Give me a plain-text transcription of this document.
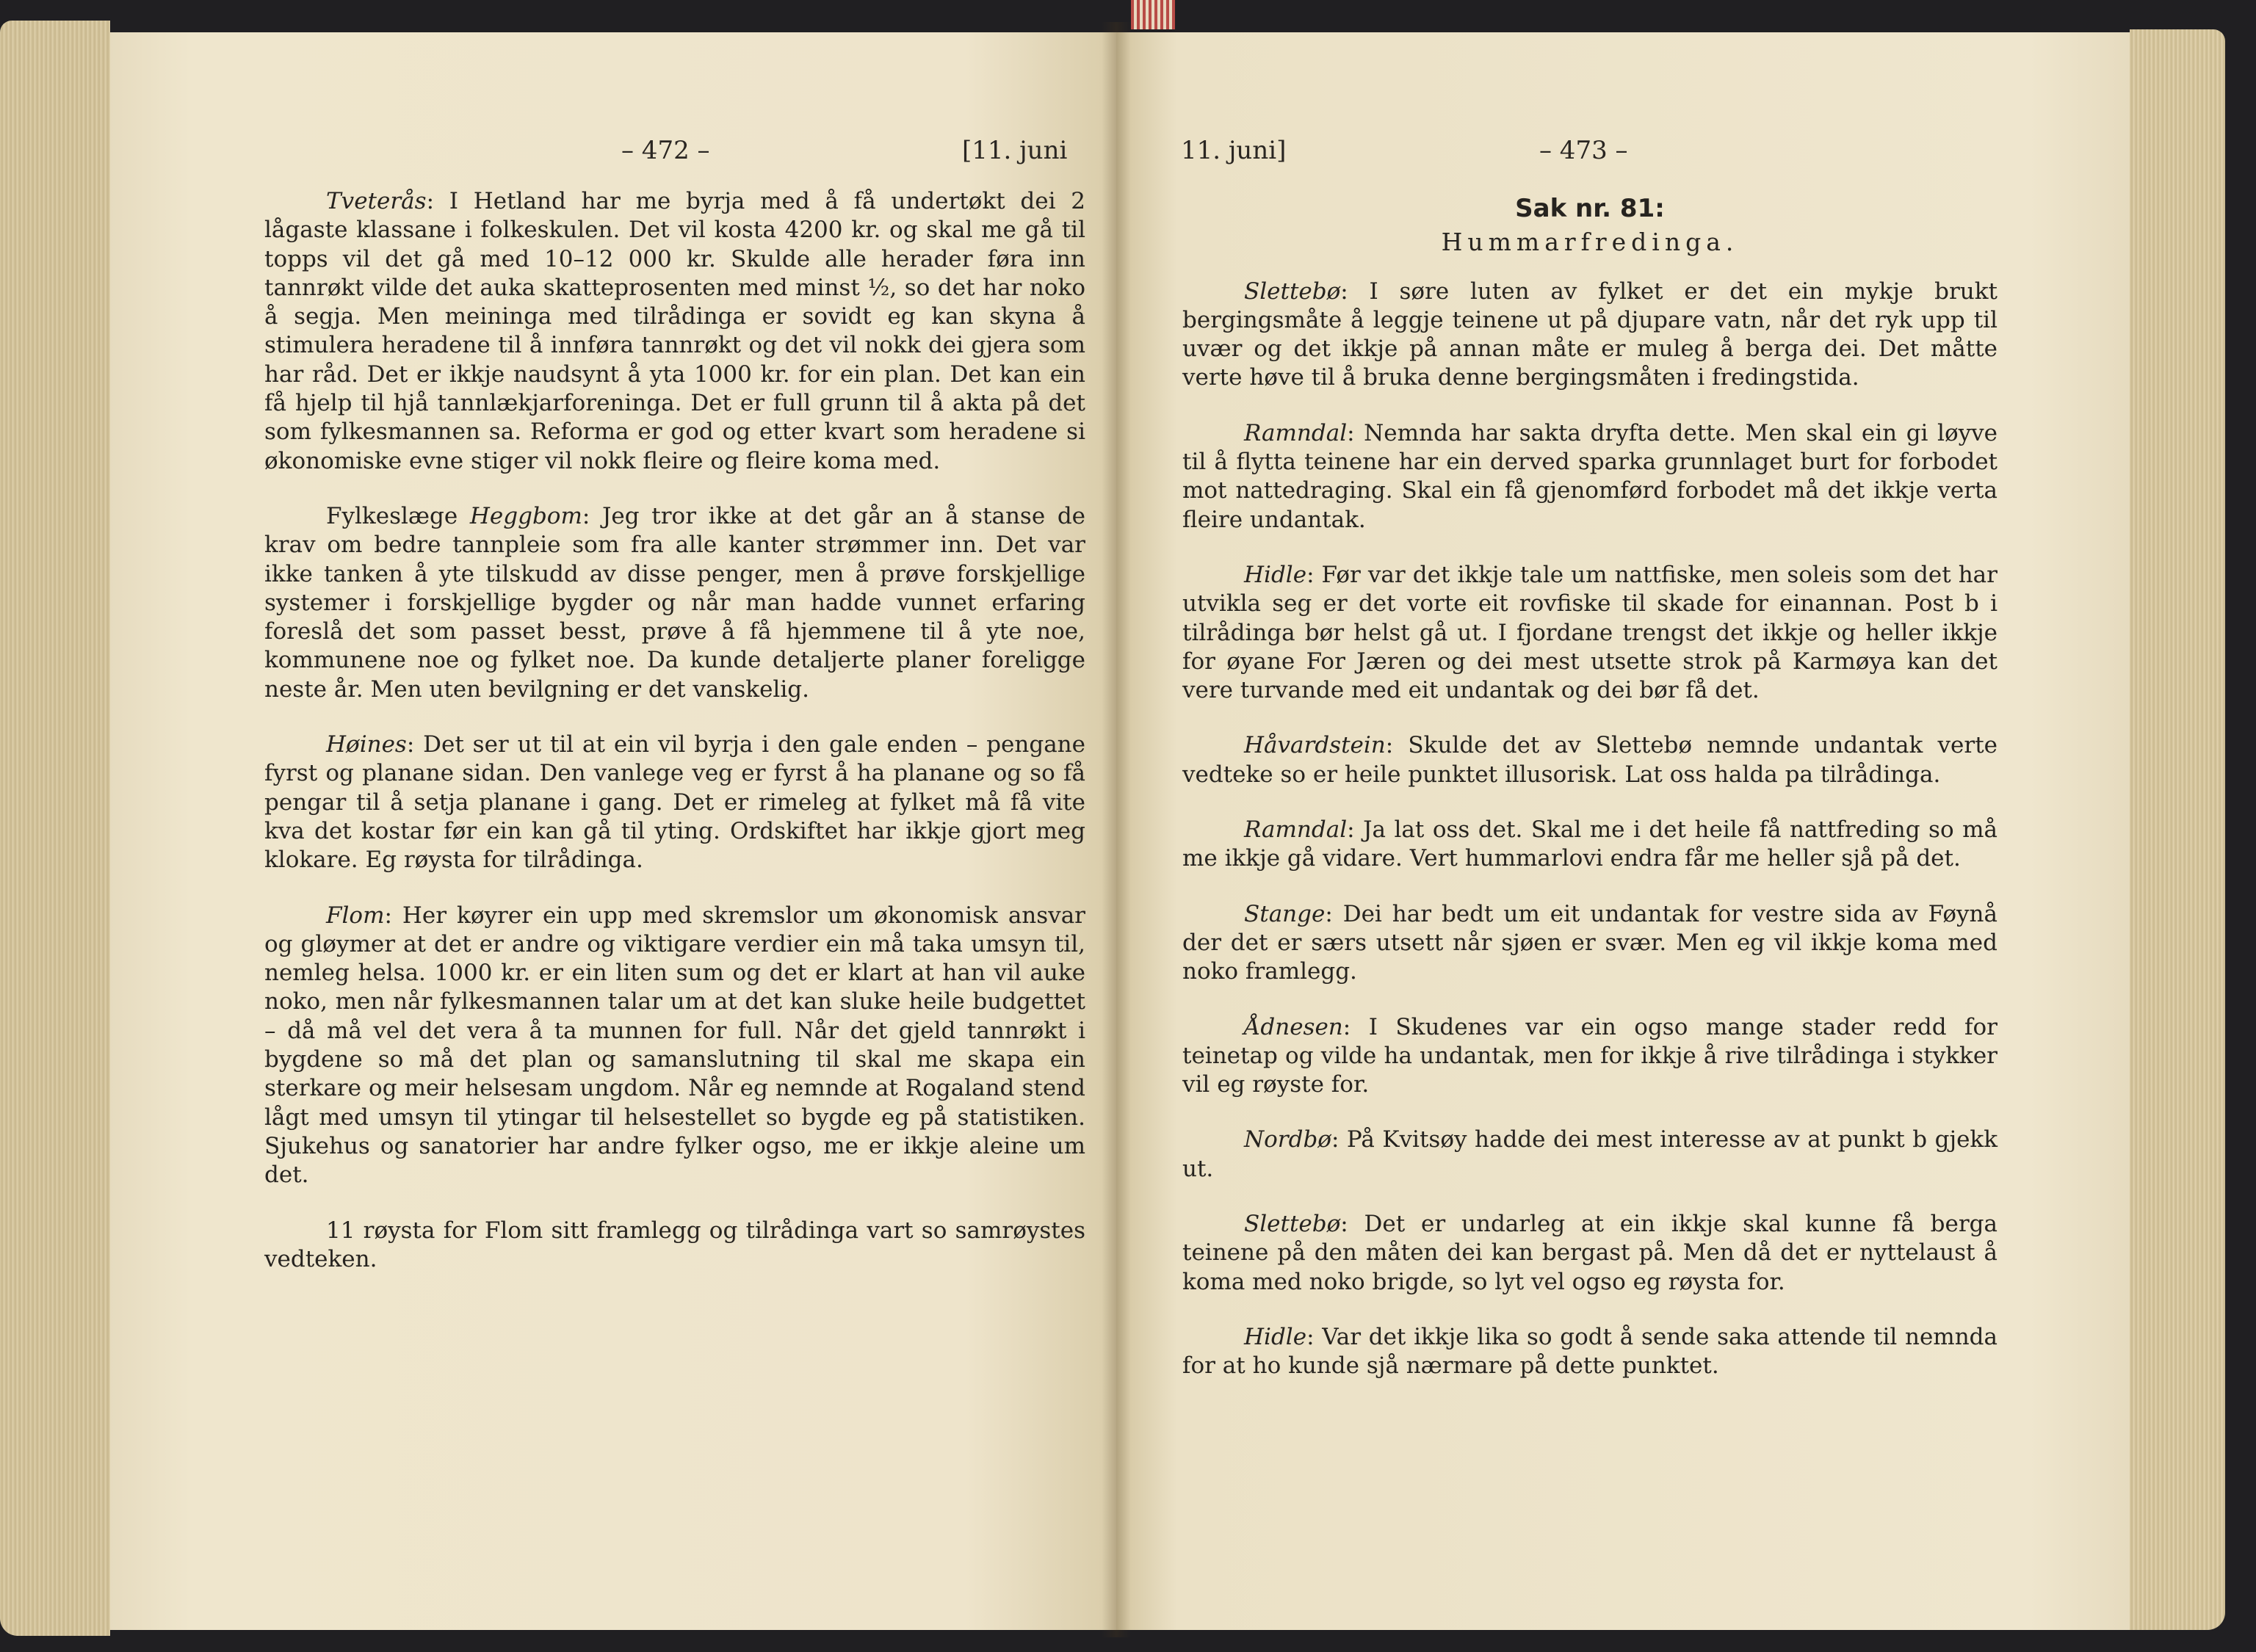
– 472 –	[11. juni

Tveterås: I Hetland har me byrja med å få undertøkt dei 2 lågaste klassane i folkeskulen. Det vil kosta 4200 kr. og skal me gå til topps vil det gå med 10–12 000 kr. Skulde alle herader føra inn tannrøkt vilde det auka skatteprosenten med minst ½, so det har noko å segja. Men meininga med tilrådinga er sovidt eg kan skyna å stimulera heradene til å innføra tannrøkt og det vil nokk dei gjera som har råd. Det er ikkje naudsynt å yta 1000 kr. for ein plan. Det kan ein få hjelp til hjå tannlækjarforeninga. Det er full grunn til å akta på det som fylkesmannen sa. Reforma er god og etter kvart som heradene si økonomiske evne stiger vil nokk fleire og fleire koma med.

Fylkeslæge Heggbom: Jeg tror ikke at det går an å stanse de krav om bedre tannpleie som fra alle kanter strømmer inn. Det var ikke tanken å yte tilskudd av disse penger, men å prøve forskjellige systemer i forskjellige bygder og når man hadde vunnet erfaring foreslå det som passet besst, prøve å få hjemmene til å yte noe, kommunene noe og fylket noe. Da kunde detaljerte planer foreligge neste år. Men uten bevilgning er det vanskelig.

Høines: Det ser ut til at ein vil byrja i den gale enden – pengane fyrst og planane sidan. Den vanlege veg er fyrst å ha planane og so få pengar til å setja planane i gang. Det er rimeleg at fylket må få vite kva det kostar før ein kan gå til yting. Ordskiftet har ikkje gjort meg klokare. Eg røysta for tilrådinga.

Flom: Her køyrer ein upp med skremslor um økonomisk ansvar og gløymer at det er andre og viktigare verdier ein må taka umsyn til, nemleg helsa. 1000 kr. er ein liten sum og det er klart at han vil auke noko, men når fylkesmannen talar um at det kan sluke heile budgettet – då må vel det vera å ta munnen for full. Når det gjeld tannrøkt i bygdene so må det plan og samanslutning til skal me skapa ein sterkare og meir helsesam ungdom. Når eg nemnde at Rogaland stend lågt med umsyn til ytingar til helsestellet so bygde eg på statistiken. Sjukehus og sanatorier har andre fylker ogso, me er ikkje aleine um det.

11 røysta for Flom sitt framlegg og tilrådinga vart so samrøystes vedteken.

11. juni]	– 473 –

Sak nr. 81:

Hummarfredinga.

Slettebø: I søre luten av fylket er det ein mykje brukt bergingsmåte å leggje teinene ut på djupare vatn, når det ryk upp til uvær og det ikkje på annan måte er muleg å berga dei. Det måtte verte høve til å bruka denne bergingsmåten i fredingstida.

Ramndal: Nemnda har sakta dryfta dette. Men skal ein gi løyve til å flytta teinene har ein derved sparka grunnlaget burt for forbodet mot nattedraging. Skal ein få gjenomførd forbodet må det ikkje verta fleire undantak.

Hidle: Før var det ikkje tale um nattfiske, men soleis som det har utvikla seg er det vorte eit rovfiske til skade for einannan. Post b i tilrådinga bør helst gå ut. I fjordane trengst det ikkje og heller ikkje for øyane For Jæren og dei mest utsette strok på Karmøya kan det vere turvande med eit undantak og dei bør få det.

Håvardstein: Skulde det av Slettebø nemnde undantak verte vedteke so er heile punktet illusorisk. Lat oss halda pa tilrådinga.

Ramndal: Ja lat oss det. Skal me i det heile få nattfreding so må me ikkje gå vidare. Vert hummarlovi endra får me heller sjå på det.

Stange: Dei har bedt um eit undantak for vestre sida av Føynå der det er særs utsett når sjøen er svær. Men eg vil ikkje koma med noko framlegg.

Ådnesen: I Skudenes var ein ogso mange stader redd for teinetap og vilde ha undantak, men for ikkje å rive tilrådinga i stykker vil eg røyste for.

Nordbø: På Kvitsøy hadde dei mest interesse av at punkt b gjekk ut.

Slettebø: Det er undarleg at ein ikkje skal kunne få berga teinene på den måten dei kan bergast på. Men då det er nyttelaust å koma med noko brigde, so lyt vel ogso eg røysta for.

Hidle: Var det ikkje lika so godt å sende saka attende til nemnda for at ho kunde sjå nærmare på dette punktet.
